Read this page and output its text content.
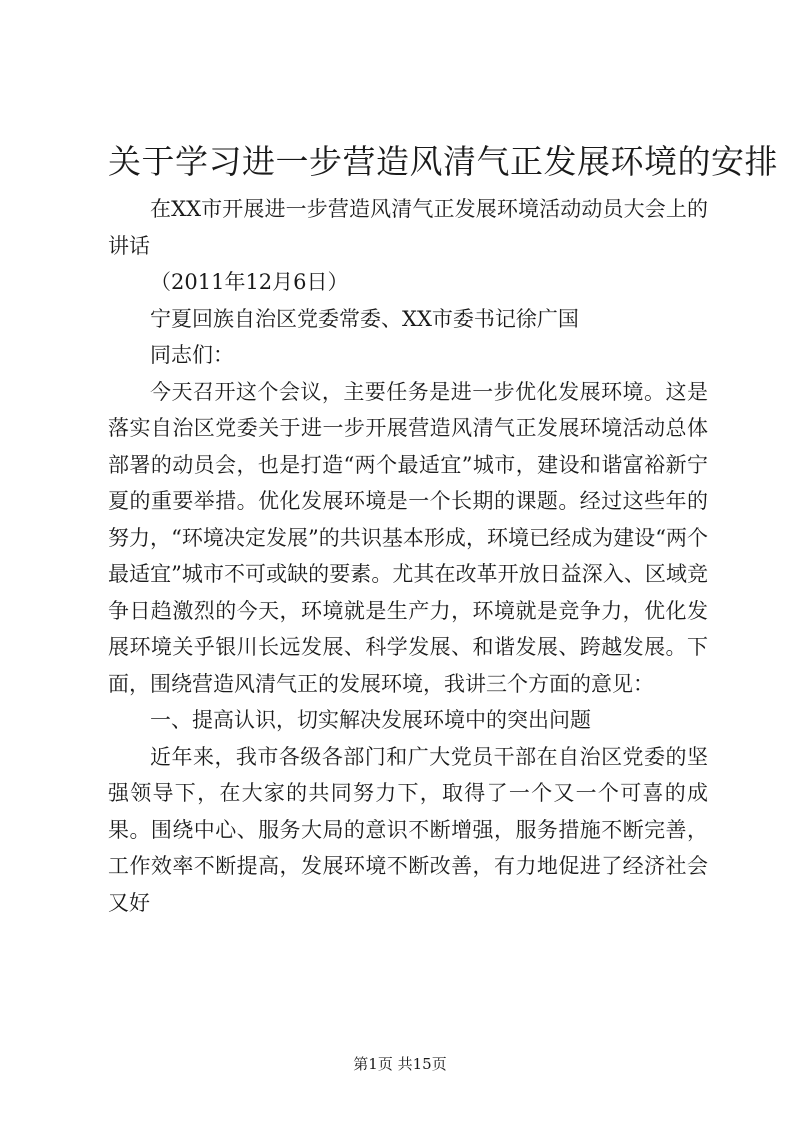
关于学习进一步营造风清气正发展环境的安排

在XX市开展进一步营造风清气正发展环境活动动员大会上的讲话

（2011年12月6日）

宁夏回族自治区党委常委、XX市委书记徐广国

同志们：

今天召开这个会议，主要任务是进一步优化发展环境。这是落实自治区党委关于进一步开展营造风清气正发展环境活动总体部署的动员会，也是打造“两个最适宜”城市，建设和谐富裕新宁夏的重要举措。优化发展环境是一个长期的课题。经过这些年的努力，“环境决定发展”的共识基本形成，环境已经成为建设“两个最适宜”城市不可或缺的要素。尤其在改革开放日益深入、区域竞争日趋激烈的今天，环境就是生产力，环境就是竞争力，优化发展环境关乎银川长远发展、科学发展、和谐发展、跨越发展。下面，围绕营造风清气正的发展环境，我讲三个方面的意见：

一、提高认识，切实解决发展环境中的突出问题

近年来，我市各级各部门和广大党员干部在自治区党委的坚强领导下，在大家的共同努力下，取得了一个又一个可喜的成果。围绕中心、服务大局的意识不断增强，服务措施不断完善，工作效率不断提高，发展环境不断改善，有力地促进了经济社会又好

第1页 共15页
